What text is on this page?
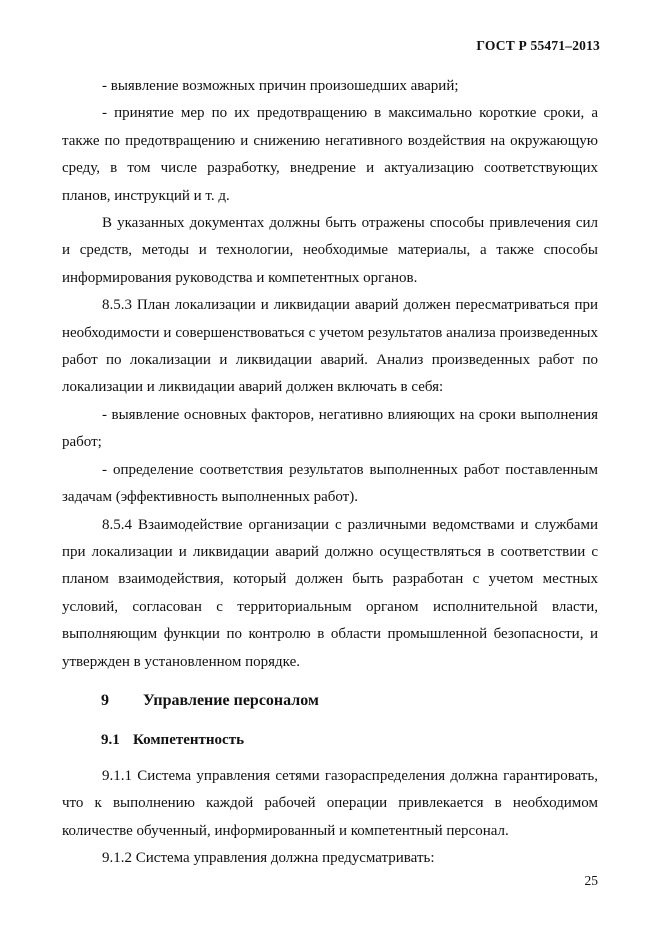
ГОСТ Р 55471–2013

- выявление возможных причин произошедших аварий;

- принятие мер по их предотвращению в максимально короткие сроки, а также по предотвращению и снижению негативного воздействия на окружающую среду, в том числе разработку, внедрение и актуализацию соответствующих планов, инструкций и т. д.

В указанных документах должны быть отражены способы привлечения сил и средств, методы и технологии, необходимые материалы, а также способы информирования руководства и компетентных органов.

8.5.3 План локализации и ликвидации аварий должен пересматриваться при необходимости и совершенствоваться с учетом результатов анализа произведенных работ по локализации и ликвидации аварий. Анализ произведенных работ по локализации и ликвидации аварий должен включать в себя:

- выявление основных факторов, негативно влияющих на сроки выполнения работ;

- определение соответствия результатов выполненных работ поставленным задачам (эффективность выполненных работ).

8.5.4 Взаимодействие организации с различными ведомствами и службами при локализации и ликвидации аварий должно осуществляться в соответствии с планом взаимодействия, который должен быть разработан с учетом местных условий, согласован с территориальным органом исполнительной власти, выполняющим функции по контролю в области промышленной безопасности, и утвержден в установленном порядке.

9 Управление персоналом
9.1 Компетентность

9.1.1 Система управления сетями газораспределения должна гарантировать, что к выполнению каждой рабочей операции привлекается в необходимом количестве обученный, информированный и компетентный персонал.

9.1.2 Система управления должна предусматривать:

25
